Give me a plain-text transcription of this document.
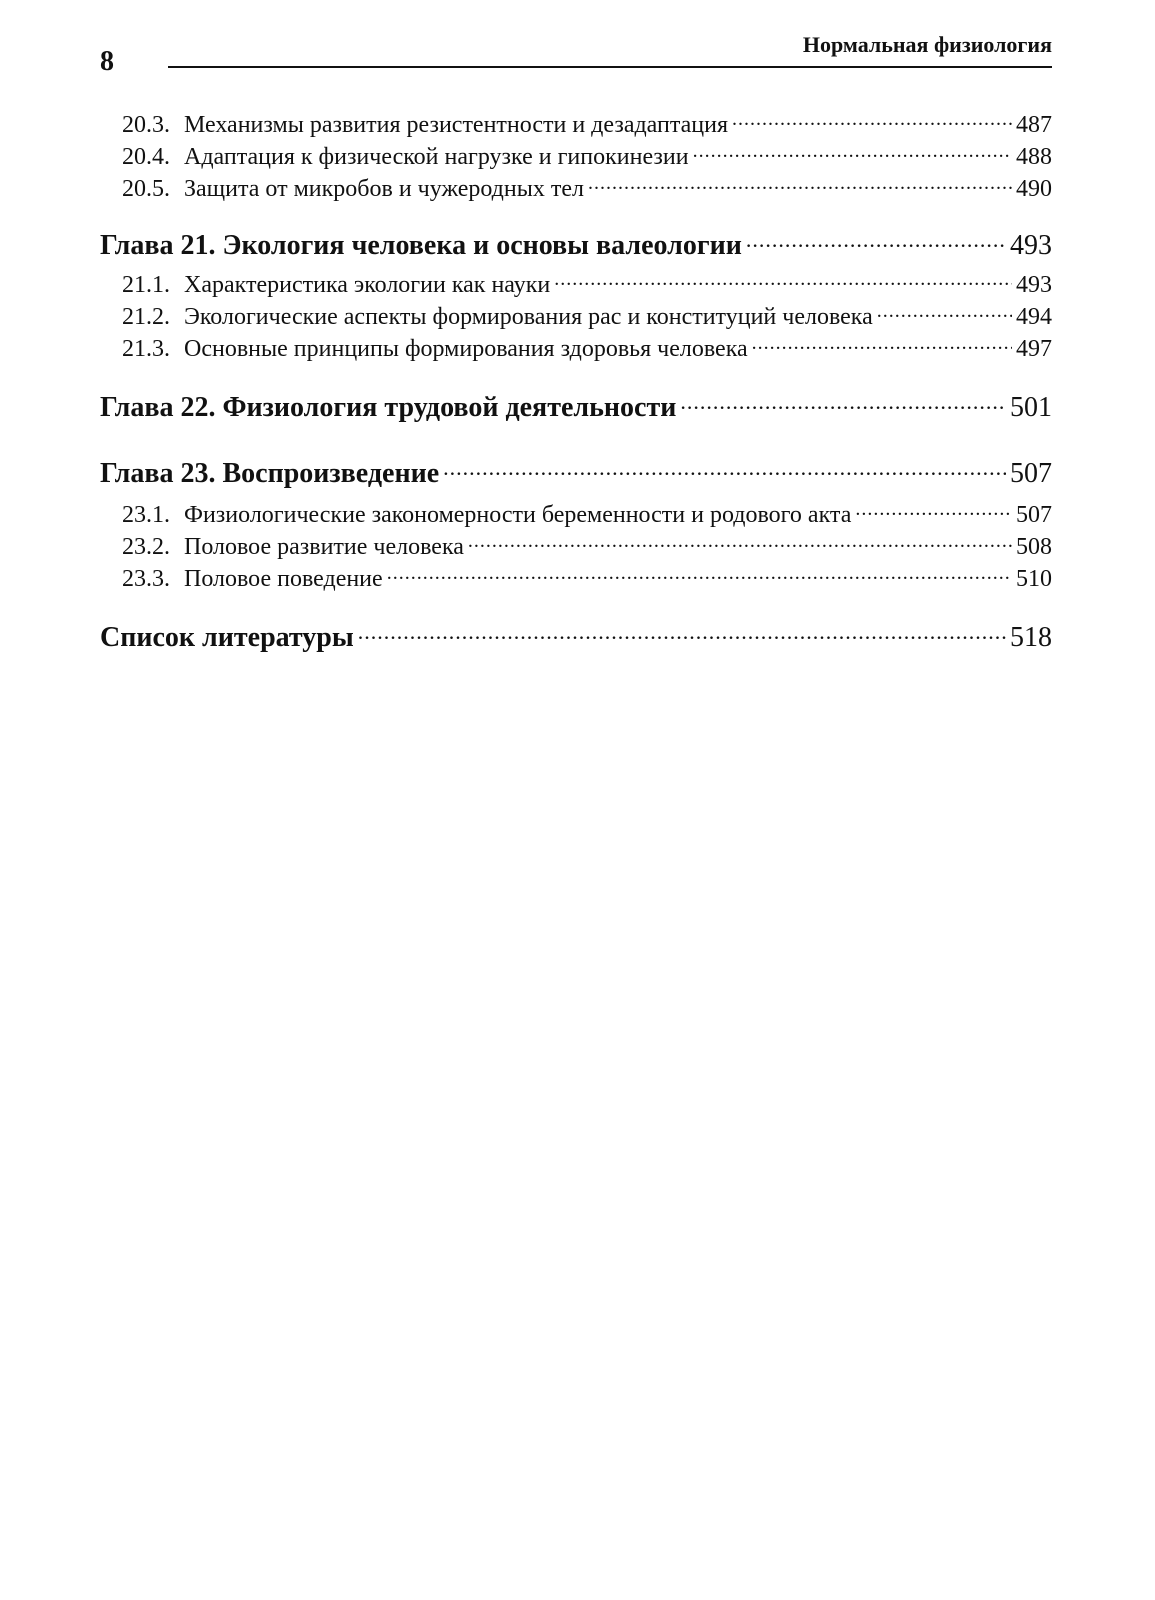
8
Нормальная физиология
20.3. Механизмы развития резистентности и дезадаптация .....	487
20.4. Адаптация к физической нагрузке и гипокинезии .....	488
20.5. Защита от микробов и чужеродных тел .....	490
Глава 21. Экология человека и основы валеологии .....	493
21.1. Характеристика экологии как науки .....	493
21.2. Экологические аспекты формирования рас и конституций человека .....	494
21.3. Основные принципы формирования здоровья человека .....	497
Глава 22. Физиология трудовой деятельности .....	501
Глава 23. Воспроизведение .....	507
23.1. Физиологические закономерности беременности и родового акта .....	507
23.2. Половое развитие человека .....	508
23.3. Половое поведение .....	510
Список литературы .....	518
